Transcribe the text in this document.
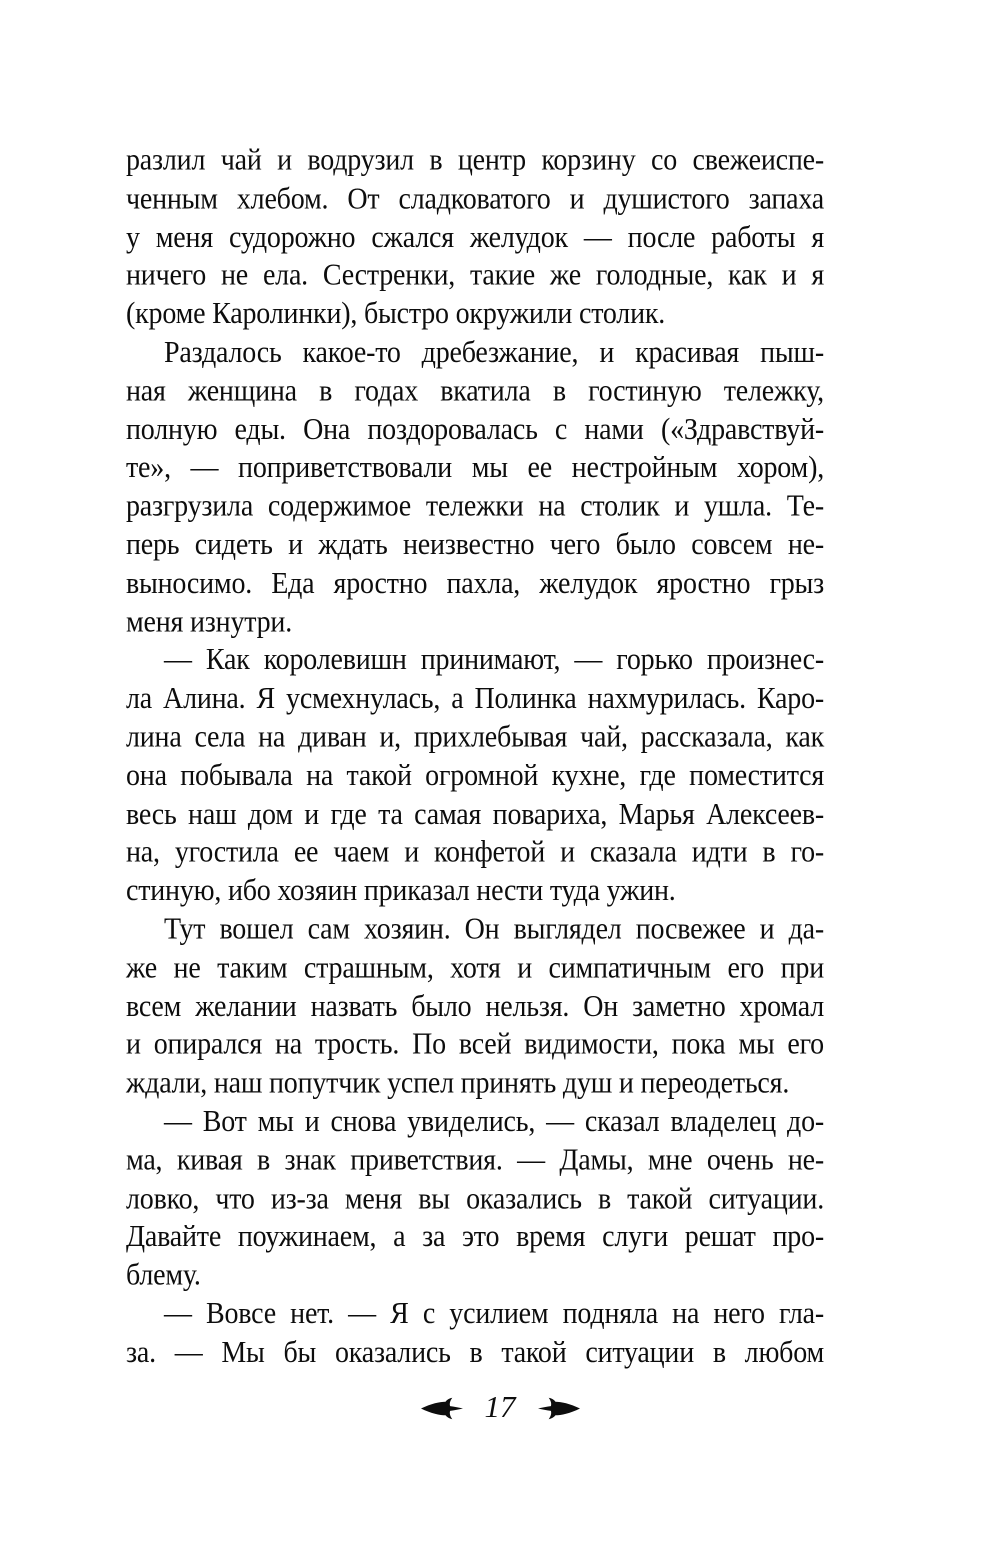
разлил чай и водрузил в центр корзину со свежеиспе-
ченным хлебом. От сладковатого и душистого запаха
у меня судорожно сжался желудок — после работы я
ничего не ела. Сестренки, такие же голодные, как и я
(кроме Каролинки), быстро окружили столик.
Раздалось какое-то дребезжание, и красивая пыш-
ная женщина в годах вкатила в гостиную тележку,
полную еды. Она поздоровалась с нами («Здравствуй-
те», — поприветствовали мы ее нестройным хором),
разгрузила содержимое тележки на столик и ушла. Те-
перь сидеть и ждать неизвестно чего было совсем не-
выносимо. Еда яростно пахла, желудок яростно грыз
меня изнутри.
— Как королевишн принимают, — горько произнес-
ла Алина. Я усмехнулась, а Полинка нахмурилась. Каро-
лина села на диван и, прихлебывая чай, рассказала, как
она побывала на такой огромной кухне, где поместится
весь наш дом и где та самая повариха, Марья Алексеев-
на, угостила ее чаем и конфетой и сказала идти в го-
стиную, ибо хозяин приказал нести туда ужин.
Тут вошел сам хозяин. Он выглядел посвежее и да-
же не таким страшным, хотя и симпатичным его при
всем желании назвать было нельзя. Он заметно хромал
и опирался на трость. По всей видимости, пока мы его
ждали, наш попутчик успел принять душ и переодеться.
— Вот мы и снова увиделись, — сказал владелец до-
ма, кивая в знак приветствия. — Дамы, мне очень не-
ловко, что из-за меня вы оказались в такой ситуации.
Давайте поужинаем, а за это время слуги решат про-
блему.
— Вовсе нет. — Я с усилием подняла на него гла-
за. — Мы бы оказались в такой ситуации в любом
17
